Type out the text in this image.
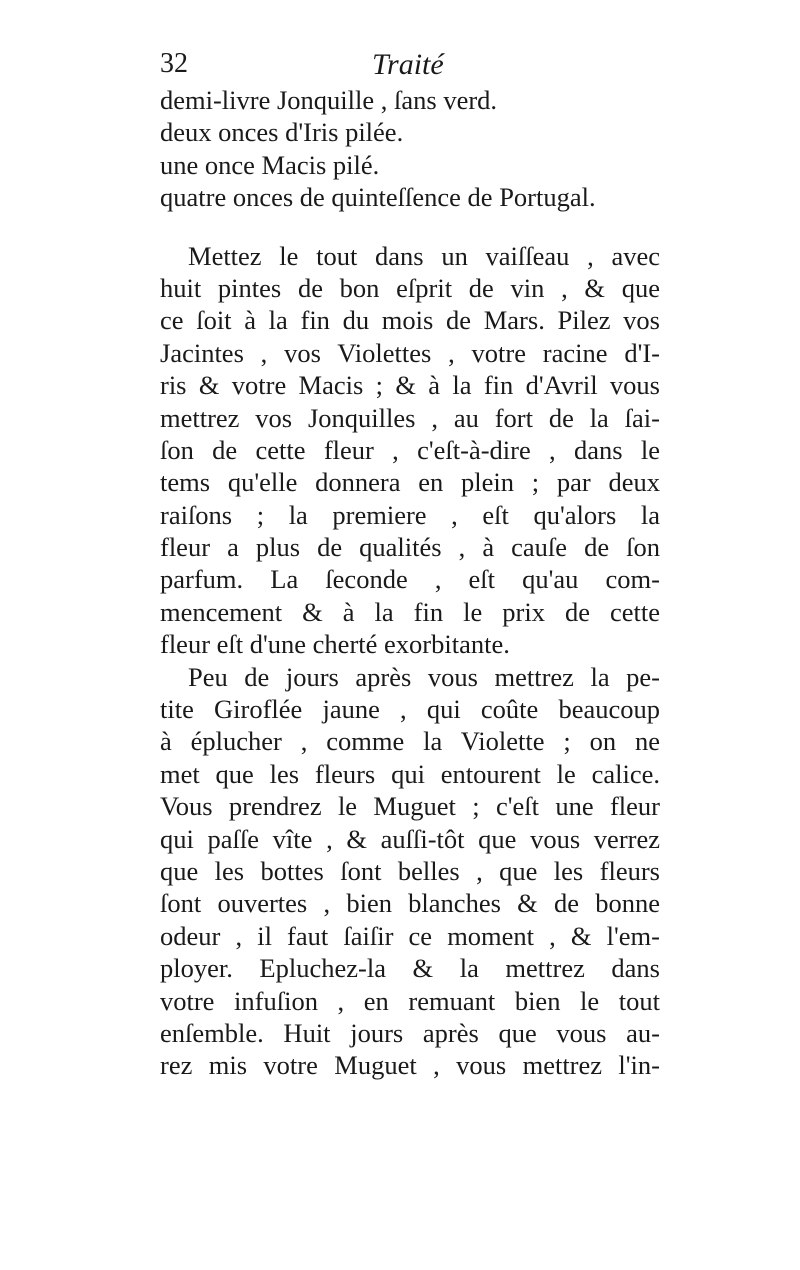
32	Traité
demi-livre Jonquille , ſans verd.
deux onces d'Iris pilée.
une once Macis pilé.
quatre onces de quinteſſence de Portugal.
Mettez le tout dans un vaiſſeau , avec
huit pintes de bon eſprit de vin , & que
ce ſoit à la fin du mois de Mars. Pilez vos
Jacintes , vos Violettes , votre racine d'I-
ris & votre Macis ; & à la fin d'Avril vous
mettrez vos Jonquilles , au fort de la ſai-
ſon de cette fleur , c'eſt-à-dire , dans le
tems qu'elle donnera en plein ; par deux
raiſons ; la premiere , eſt qu'alors la
fleur a plus de qualités , à cauſe de ſon
parfum. La ſeconde , eſt qu'au com-
mencement & à la fin le prix de cette
fleur eſt d'une cherté exorbitante.
Peu de jours après vous mettrez la pe-
tite Giroflée jaune , qui coûte beaucoup
à éplucher , comme la Violette ; on ne
met que les fleurs qui entourent le calice.
Vous prendrez le Muguet ; c'eſt une fleur
qui paſſe vîte , & auſſi-tôt que vous verrez
que les bottes ſont belles , que les fleurs
ſont ouvertes , bien blanches & de bonne
odeur , il faut ſaiſir ce moment , & l'em-
ployer. Epluchez-la & la mettrez dans
votre infuſion , en remuant bien le tout
enſemble. Huit jours après que vous au-
rez mis votre Muguet , vous mettrez l'in-
